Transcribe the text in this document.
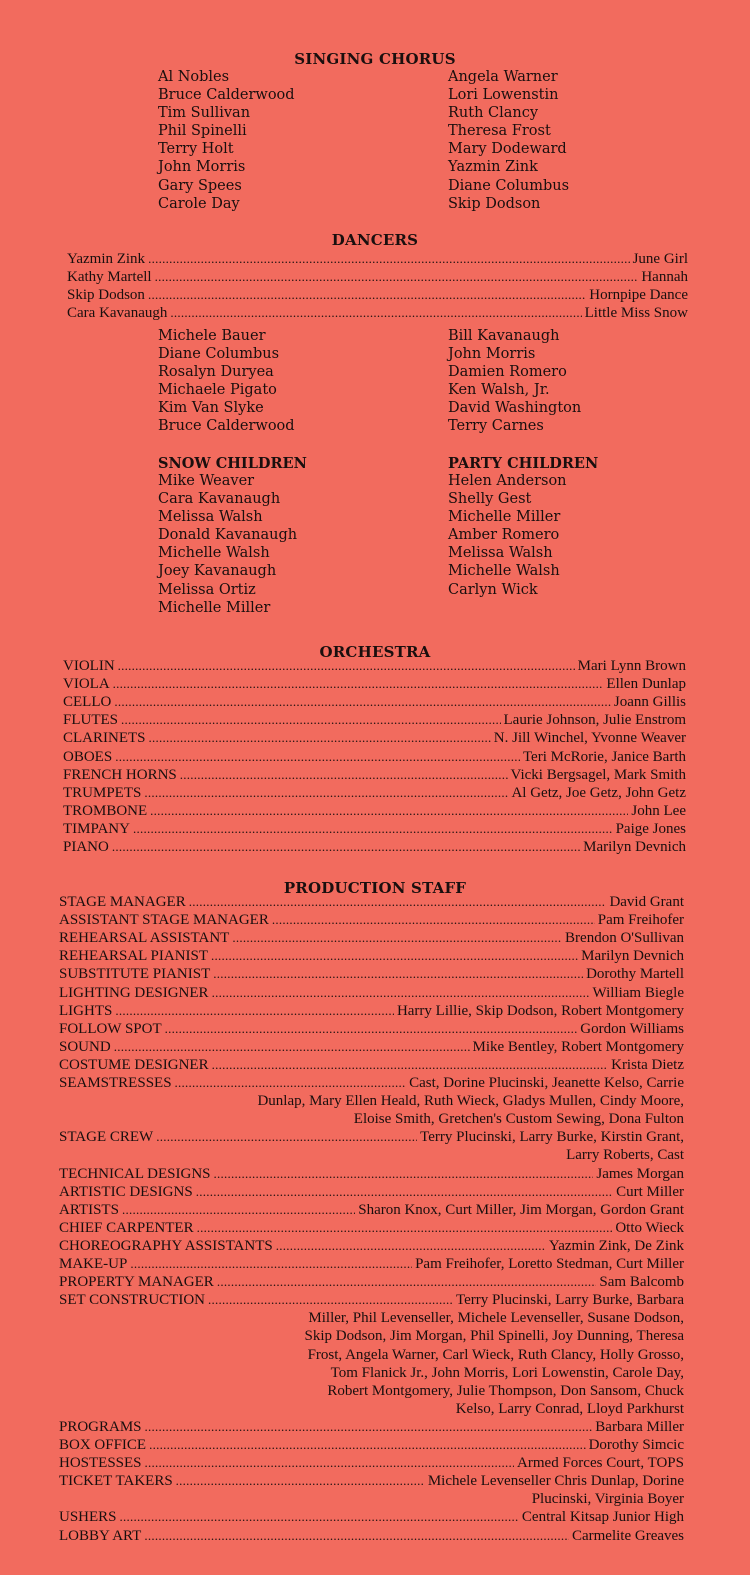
SINGING CHORUS
Al Nobles
Bruce Calderwood
Tim Sullivan
Phil Spinelli
Terry Holt
John Morris
Gary Spees
Carole Day
Angela Warner
Lori Lowenstin
Ruth Clancy
Theresa Frost
Mary Dodeward
Yazmin Zink
Diane Columbus
Skip Dodson
DANCERS
Yazmin Zink . . .	June Girl
Kathy Martell . . .	Hannah
Skip Dodson . . .	Hornpipe Dance
Cara Kavanaugh . . .	Little Miss Snow
Michele Bauer
Diane Columbus
Rosalyn Duryea
Michaele Pigato
Kim Van Slyke
Bruce Calderwood
Bill Kavanaugh
John Morris
Damien Romero
Ken Walsh, Jr.
David Washington
Terry Carnes
SNOW CHILDREN
Mike Weaver
Cara Kavanaugh
Melissa Walsh
Donald Kavanaugh
Michelle Walsh
Joey Kavanaugh
Melissa Ortiz
Michelle Miller
PARTY CHILDREN
Helen Anderson
Shelly Gest
Michelle Miller
Amber Romero
Melissa Walsh
Michelle Walsh
Carlyn Wick
ORCHESTRA
VIOLIN . . .	Mari Lynn Brown
VIOLA . . .	Ellen Dunlap
CELLO . . .	Joann Gillis
FLUTES . . .	Laurie Johnson, Julie Enstrom
CLARINETS . . .	N. Jill Winchel, Yvonne Weaver
OBOES . . .	Teri McRorie, Janice Barth
FRENCH HORNS . . .	Vicki Bergsagel, Mark Smith
TRUMPETS . . .	Al Getz, Joe Getz, John Getz
TROMBONE . . .	John Lee
TIMPANY . . .	Paige Jones
PIANO . . .	Marilyn Devnich
PRODUCTION STAFF
STAGE MANAGER . . .	David Grant
ASSISTANT STAGE MANAGER . . .	Pam Freihofer
REHEARSAL ASSISTANT . . .	Brendon O'Sullivan
REHEARSAL PIANIST . . .	Marilyn Devnich
SUBSTITUTE PIANIST . . .	Dorothy Martell
LIGHTING DESIGNER . . .	William Biegle
LIGHTS . . .	Harry Lillie, Skip Dodson, Robert Montgomery
FOLLOW SPOT . . .	Gordon Williams
SOUND . . .	Mike Bentley, Robert Montgomery
COSTUME DESIGNER . . .	Krista Dietz
SEAMSTRESSES . . .	Cast, Dorine Plucinski, Jeanette Kelso, Carrie
Dunlap, Mary Ellen Heald, Ruth Wieck, Gladys Mullen, Cindy Moore,
Eloise Smith, Gretchen's Custom Sewing, Dona Fulton
STAGE CREW . . .	Terry Plucinski, Larry Burke, Kirstin Grant,
Larry Roberts, Cast
TECHNICAL DESIGNS . . .	James Morgan
ARTISTIC DESIGNS . . .	Curt Miller
ARTISTS . . .	Sharon Knox, Curt Miller, Jim Morgan, Gordon Grant
CHIEF CARPENTER . . .	Otto Wieck
CHOREOGRAPHY ASSISTANTS . . .	Yazmin Zink, De Zink
MAKE-UP . . .	Pam Freihofer, Loretto Stedman, Curt Miller
PROPERTY MANAGER . . .	Sam Balcomb
SET CONSTRUCTION . . .	Terry Plucinski, Larry Burke, Barbara
Miller, Phil Levenseller, Michele Levenseller, Susane Dodson,
Skip Dodson, Jim Morgan, Phil Spinelli, Joy Dunning, Theresa
Frost, Angela Warner, Carl Wieck, Ruth Clancy, Holly Grosso,
Tom Flanick Jr., John Morris, Lori Lowenstin, Carole Day,
Robert Montgomery, Julie Thompson, Don Sansom, Chuck
Kelso, Larry Conrad, Lloyd Parkhurst
PROGRAMS . . .	Barbara Miller
BOX OFFICE . . .	Dorothy Simcic
HOSTESSES . . .	Armed Forces Court, TOPS
TICKET TAKERS . . .	Michele Levenseller Chris Dunlap, Dorine
Plucinski, Virginia Boyer
USHERS . . .	Central Kitsap Junior High
LOBBY ART . . .	Carmelite Greaves
